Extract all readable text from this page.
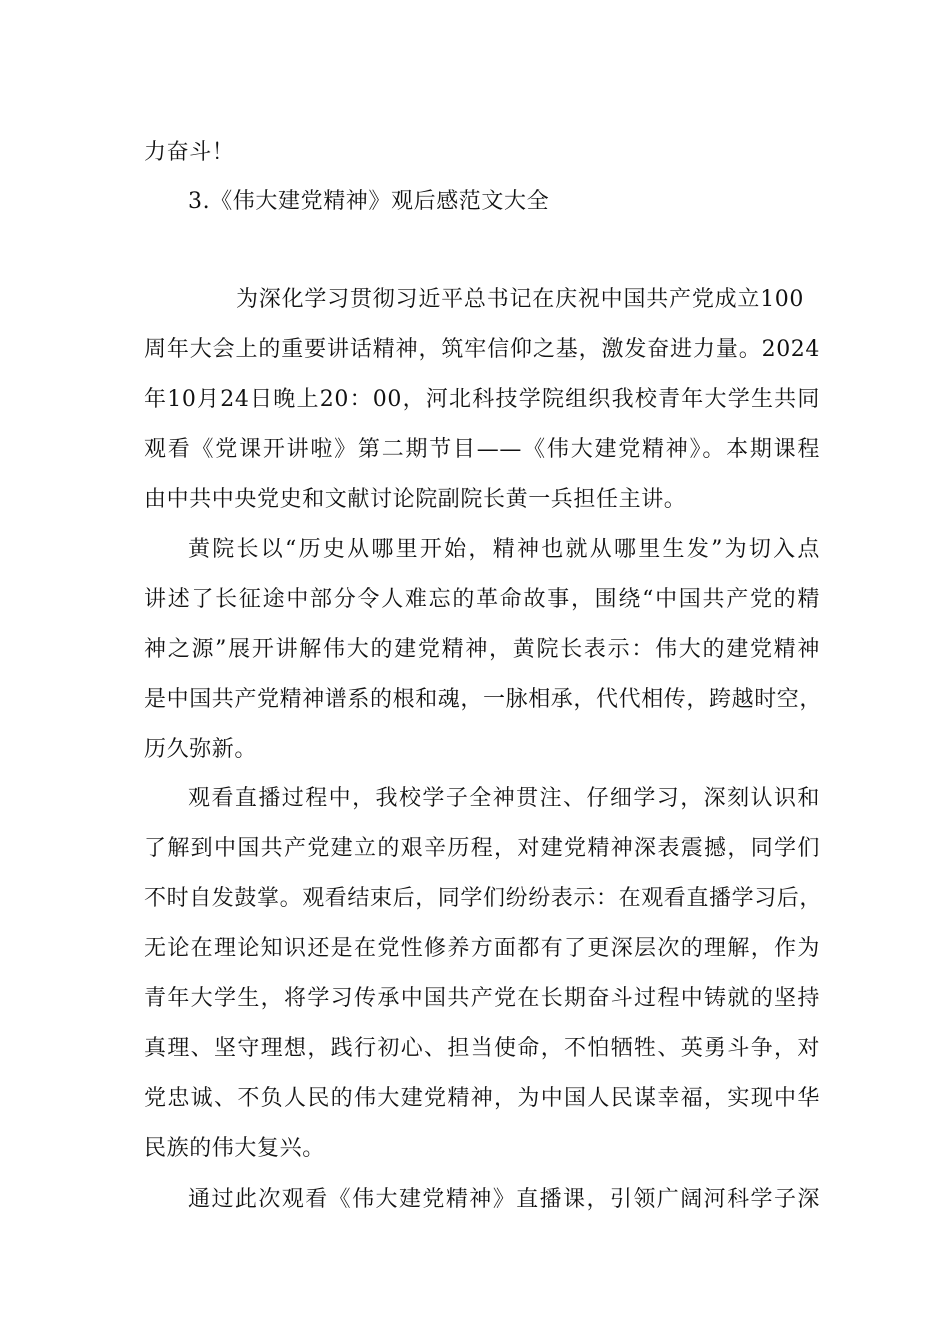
力奋斗！
3.《伟大建党精神》观后感范文大全
为深化学习贯彻习近平总书记在庆祝中国共产党成立100
周年大会上的重要讲话精神，筑牢信仰之基，激发奋进力量。2024
年10月24日晚上20：00，河北科技学院组织我校青年大学生共同
观看《党课开讲啦》第二期节目——《伟大建党精神》。本期课程
由中共中央党史和文献讨论院副院长黄一兵担任主讲。
黄院长以“历史从哪里开始，精神也就从哪里生发”为切入点
讲述了长征途中部分令人难忘的革命故事，围绕“中国共产党的精
神之源”展开讲解伟大的建党精神，黄院长表示：伟大的建党精神
是中国共产党精神谱系的根和魂，一脉相承，代代相传，跨越时空，
历久弥新。
观看直播过程中，我校学子全神贯注、仔细学习，深刻认识和
了解到中国共产党建立的艰辛历程，对建党精神深表震撼，同学们
不时自发鼓掌。观看结束后，同学们纷纷表示：在观看直播学习后，
无论在理论知识还是在党性修养方面都有了更深层次的理解，作为
青年大学生，将学习传承中国共产党在长期奋斗过程中铸就的坚持
真理、坚守理想，践行初心、担当使命，不怕牺牲、英勇斗争，对
党忠诚、不负人民的伟大建党精神，为中国人民谋幸福，实现中华
民族的伟大复兴。
通过此次观看《伟大建党精神》直播课，引领广阔河科学子深
